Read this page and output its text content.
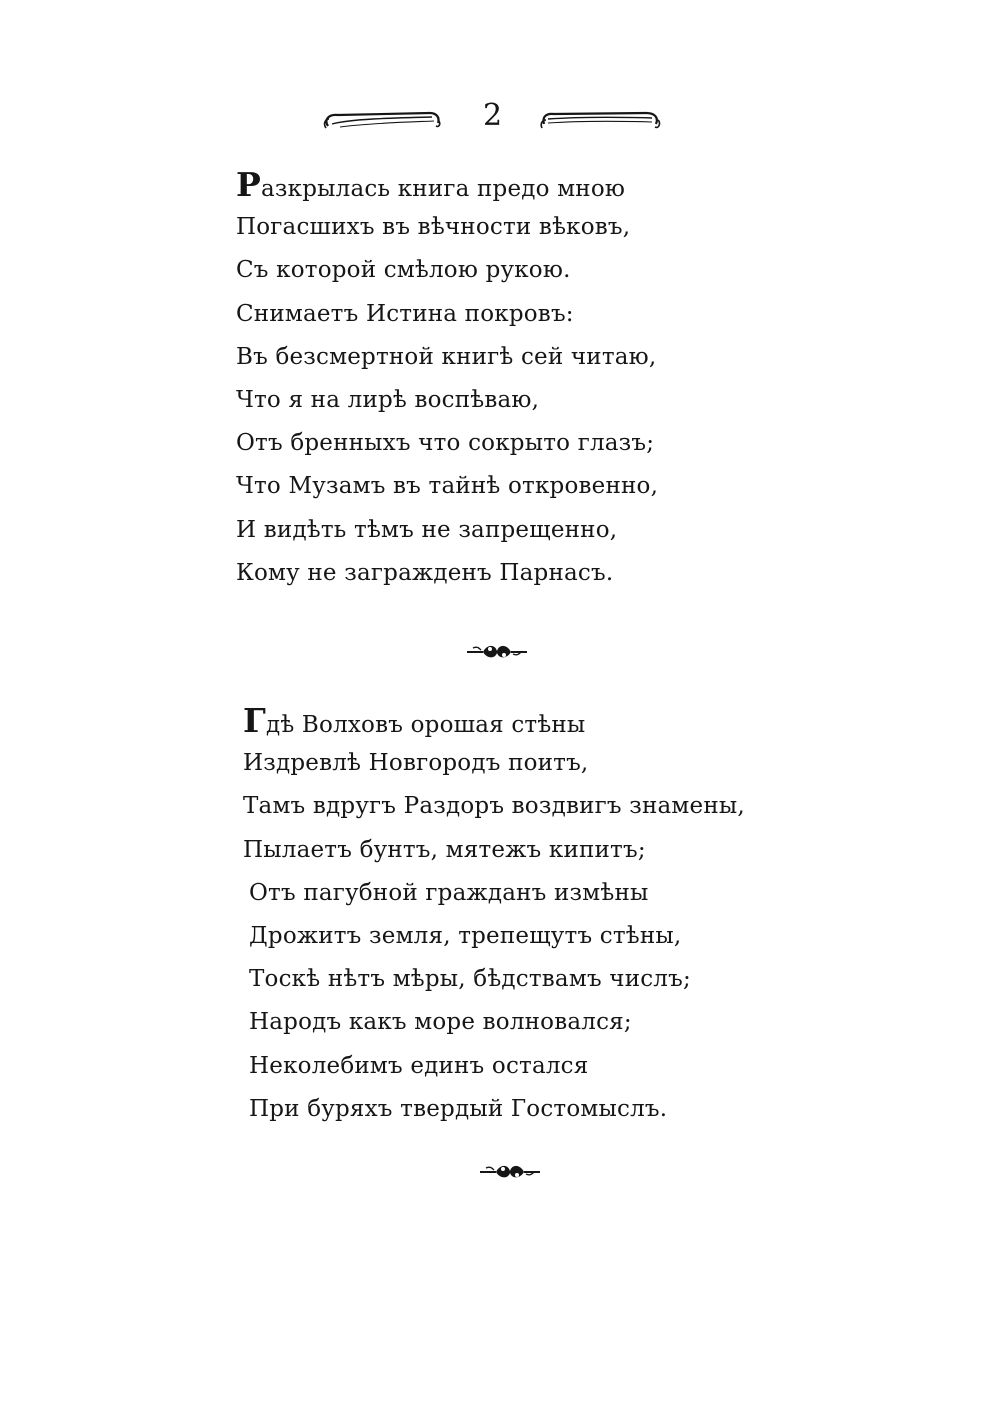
2
Разкрылась книга предо мною
Погасшихъ въ вѣчности вѣковъ,
Съ которой смѣлою рукою.
Снимаетъ Истина покровъ:
Въ безсмертной книгѣ сей читаю,
Что я на лирѣ воспѣваю,
Отъ бренныхъ что сокрыто глазъ;
Что Музамъ въ тайнѣ откровенно,
И видѣть тѣмъ не запрещенно,
Кому не загражденъ Парнасъ.
Гдѣ Волховъ орошая стѣны
Издревлѣ Новгородъ поитъ,
Тамъ вдругъ Раздоръ воздвигъ знамены,
Пылаетъ бунтъ, мятежъ кипитъ;
Отъ пагубной гражданъ измѣны
Дрожитъ земля, трепещутъ стѣны,
Тоскѣ нѣтъ мѣры, бѣдствамъ числъ;
Народъ какъ море волновался;
Неколебимъ единъ остался
При буряхъ твердый Гостомыслъ.
